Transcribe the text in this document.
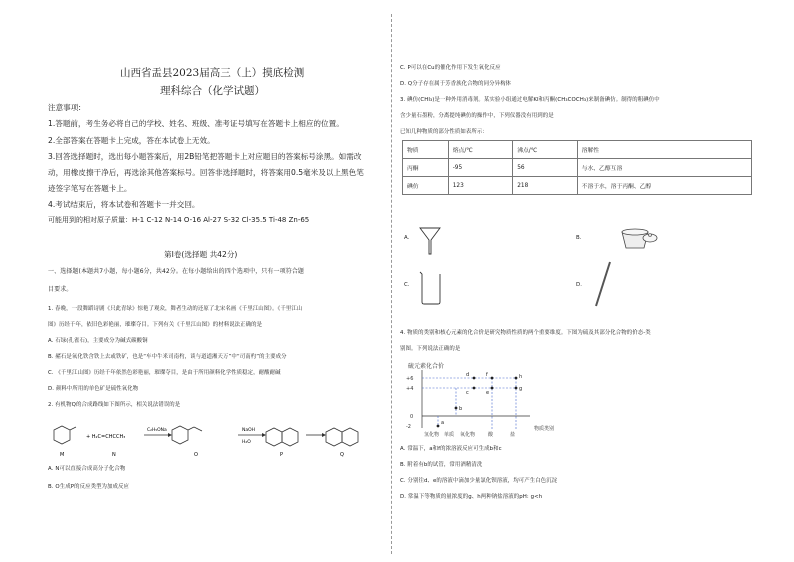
山西省盂县2023届高三（上）摸底检测
理科综合（化学试题）
注意事项:
1.答题前，考生务必将自己的学校、姓名、班级、准考证号填写在答题卡上相应的位置。
2.全部答案在答题卡上完成，答在本试卷上无效。
3.回答选择题时，选出每小题答案后，用2B铅笔把答题卡上对应题目的答案标号涂黑。如需改
动，用橡皮擦干净后，再选涂其他答案标号。回答非选择题时，将答案用0.5毫米及以上黑色笔
迹签字笔写在答题卡上。
4.考试结束后，将本试卷和答题卡一并交回。
可能用到的相对原子质量：H-1 C-12 N-14 O-16 Al-27 S-32 Cl-35.5 Ti-48 Zn-65
第Ⅰ卷(选择题 共42分)
一、选择题(本题共7小题，每小题6分，共42分。在每小题给出的四个选项中，只有一项符合题
目要求。
1. 春晚，一段舞蹈诗剧《只此青绿》惊艳了观众，舞者生动的还原了北宋名画《千里江山图》。《千里江山
图》历经千年，依旧色彩艳丽，璀璨夺目。下列有关《千里江山图》的材料说法正确的是
A. 石绿(孔雀石)，主要成分为碱式碳酸铜
B. 赭石是氧化铁含铁上去或铁矿，也是“车中牛米司南杓，谈与道道湘天万”中“司南杓”的主要成分
C. 《千里江山图》历经千年依然色彩艳丽，璀璨夺目，是由于所用颜料化学性质稳定，耐酸耐碱
D. 颜料中所用的单色矿是硫性氧化物
2. 有机物Q的合成路线如下图所示，相关说法错误的是
+ H₂C=CHCCH₃
C₂H₅ONa	NaOH
H₂O
M	N	O	P	Q
A. N可以直接合成高分子化合物
B. O生成P的反应类型为加成反应
C. P可以在Cu的催化作用下发生氧化反应
D. Q分子存在属于芳香族化合物的同分异构体
3. 碘仿(CHI₃)是一种外用消毒剂。某实验小组通过电解KI和丙酮(CH₃COCH₃)来制备碘仿。制得的粗碘仿中
含少量石墨粉，分离提纯碘仿的操作中，下列仪器没有用到的是
已知几种物质的部分性质如表所示：
物质	熔点/℃	沸点/℃	溶解性
丙酮	-95	56	与水、乙醇互溶
碘仿	123	218	不溶于水，溶于丙酮、乙醇
A.	B.
C.	D.
4. 物质的类别和核心元素的化合价是研究物质性质的两个重要维度。下图为硫及其部分化合物的价态-类
别图。下列说法正确的是
硫元素化合价
+6
+4
0
-2
a
b
c
d
e
f
g
h
氢化物 单质 氧化物	酸	盐
物质类别
A. 常温下，a和f的浓溶液反应可生成b和c
B. 附着有b的试管，常用酒精清洗
C. 分别往d、e的溶液中滴加少量氯化钡溶液，均可产生白色沉淀
D. 常温下等物质的量浓度的g、h两种钠盐溶液的pH: g<h
